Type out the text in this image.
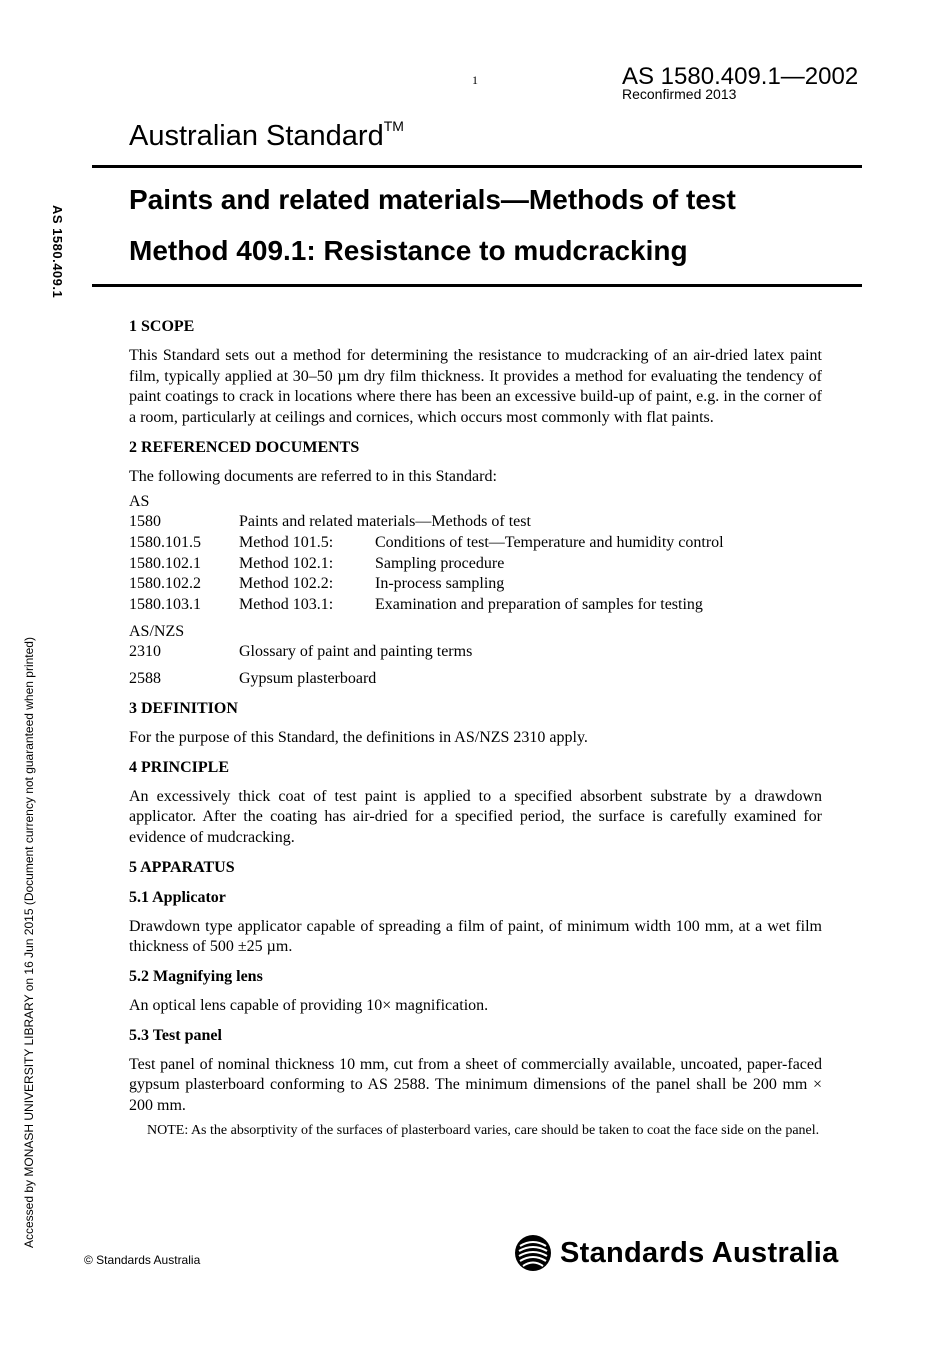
1	AS 1580.409.1—2002
Reconfirmed 2013
Australian Standard™
Paints and related materials—Methods of test
Method 409.1: Resistance to mudcracking
AS 1580.409.1
Accessed by MONASH UNIVERSITY LIBRARY on 16 Jun 2015 (Document currency not guaranteed when printed)
1 SCOPE

This Standard sets out a method for determining the resistance to mudcracking of an air-dried latex paint film, typically applied at 30–50 µm dry film thickness. It provides a method for evaluating the tendency of paint coatings to crack in locations where there has been an excessive build-up of paint, e.g. in the corner of a room, particularly at ceilings and cornices, which occurs most commonly with flat paints.

2 REFERENCED DOCUMENTS

The following documents are referred to in this Standard:

AS
1580	Paints and related materials—Methods of test
1580.101.5	Method 101.5:	Conditions of test—Temperature and humidity control
1580.102.1	Method 102.1:	Sampling procedure
1580.102.2	Method 102.2:	In-process sampling
1580.103.1	Method 103.1:	Examination and preparation of samples for testing
AS/NZS
2310	Glossary of paint and painting terms
2588	Gypsum plasterboard
3 DEFINITION

For the purpose of this Standard, the definitions in AS/NZS 2310 apply.

4 PRINCIPLE

An excessively thick coat of test paint is applied to a specified absorbent substrate by a drawdown applicator. After the coating has air-dried for a specified period, the surface is carefully examined for evidence of mudcracking.

5 APPARATUS
5.1 Applicator

Drawdown type applicator capable of spreading a film of paint, of minimum width 100 mm, at a wet film thickness of 500 ±25 µm.

5.2 Magnifying lens

An optical lens capable of providing 10× magnification.

5.3 Test panel

Test panel of nominal thickness 10 mm, cut from a sheet of commercially available, uncoated, paper-faced gypsum plasterboard conforming to AS 2588. The minimum dimensions of the panel shall be 200 mm × 200 mm.

NOTE: As the absorptivity of the surfaces of plasterboard varies, care should be taken to coat the face side on the panel.
© Standards Australia	Standards Australia
